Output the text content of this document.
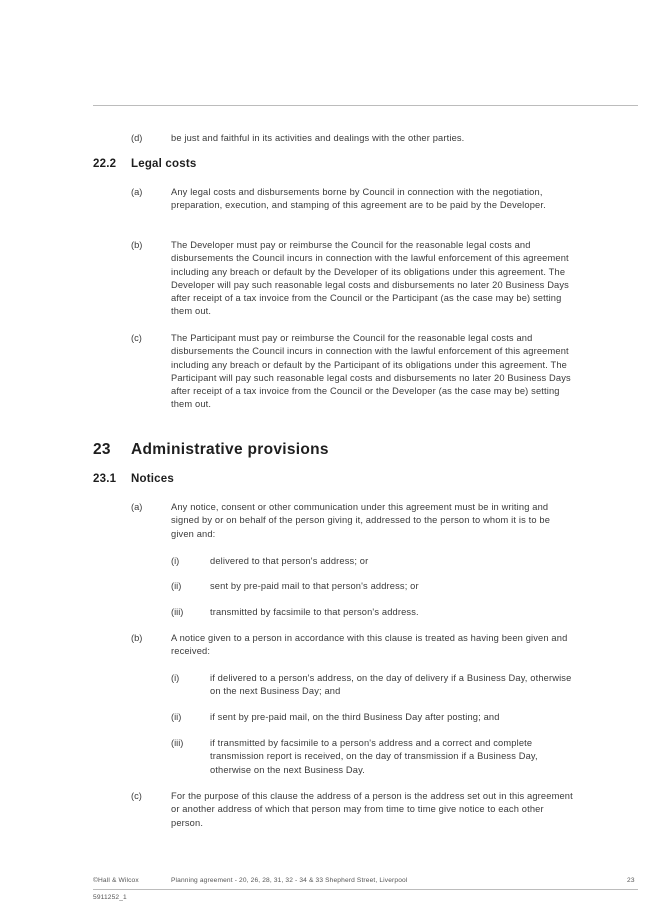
(d)	be just and faithful in its activities and dealings with the other parties.
22.2 Legal costs
(a)	Any legal costs and disbursements borne by Council in connection with the negotiation, preparation, execution, and stamping of this agreement are to be paid by the Developer.
(b)	The Developer must pay or reimburse the Council for the reasonable legal costs and disbursements the Council incurs in connection with the lawful enforcement of this agreement including any breach or default by the Developer of its obligations under this agreement. The Developer will pay such reasonable legal costs and disbursements no later 20 Business Days after receipt of a tax invoice from the Council or the Participant (as the case may be) setting them out.
(c)	The Participant must pay or reimburse the Council for the reasonable legal costs and disbursements the Council incurs in connection with the lawful enforcement of this agreement including any breach or default by the Participant of its obligations under this agreement. The Participant will pay such reasonable legal costs and disbursements no later 20 Business Days after receipt of a tax invoice from the Council or the Developer (as the case may be) setting them out.
23 Administrative provisions
23.1 Notices
(a)	Any notice, consent or other communication under this agreement must be in writing and signed by or on behalf of the person giving it, addressed to the person to whom it is to be given and:
(i)	delivered to that person's address; or
(ii)	sent by pre-paid mail to that person's address; or
(iii)	transmitted by facsimile to that person's address.
(b)	A notice given to a person in accordance with this clause is treated as having been given and received:
(i)	if delivered to a person's address, on the day of delivery if a Business Day, otherwise on the next Business Day; and
(ii)	if sent by pre-paid mail, on the third Business Day after posting; and
(iii)	if transmitted by facsimile to a person's address and a correct and complete transmission report is received, on the day of transmission if a Business Day, otherwise on the next Business Day.
(c)	For the purpose of this clause the address of a person is the address set out in this agreement or another address of which that person may from time to time give notice to each other person.
©Hall & Wilcox	Planning agreement - 20, 26, 28, 31, 32 - 34 & 33 Shepherd Street, Liverpool	23
5911252_1
